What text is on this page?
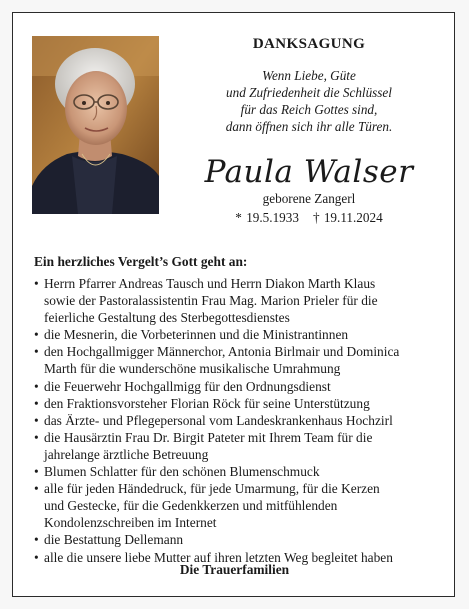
DANKSAGUNG
Wenn Liebe, Güte
und Zufriedenheit die Schlüssel
für das Reich Gottes sind,
dann öffnen sich ihr alle Türen.
Paula Walser
geborene Zangerl
* 19.5.1933 † 19.11.2024
Ein herzliches Vergelt’s Gott geht an:
• Herrn Pfarrer Andreas Tausch und Herrn Diakon Marth Klaus
sowie der Pastoralassistentin Frau Mag. Marion Prieler für die
feierliche Gestaltung des Sterbegottesdienstes
• die Mesnerin, die Vorbeterinnen und die Ministrantinnen
• den Hochgallmigger Männerchor, Antonia Birlmair und Dominica
Marth für die wunderschöne musikalische Umrahmung
• die Feuerwehr Hochgallmigg für den Ordnungsdienst
• den Fraktionsvorsteher Florian Röck für seine Unterstützung
• das Ärzte- und Pflegepersonal vom Landeskrankenhaus Hochzirl
• die Hausärztin Frau Dr. Birgit Pateter mit Ihrem Team für die
jahrelange ärztliche Betreuung
• Blumen Schlatter für den schönen Blumenschmuck
• alle für jeden Händedruck, für jede Umarmung, für die Kerzen
und Gestecke, für die Gedenkkerzen und mitfühlenden
Kondolenzschreiben im Internet
• die Bestattung Dellemann
• alle die unsere liebe Mutter auf ihren letzten Weg begleitet haben
Die Trauerfamilien
